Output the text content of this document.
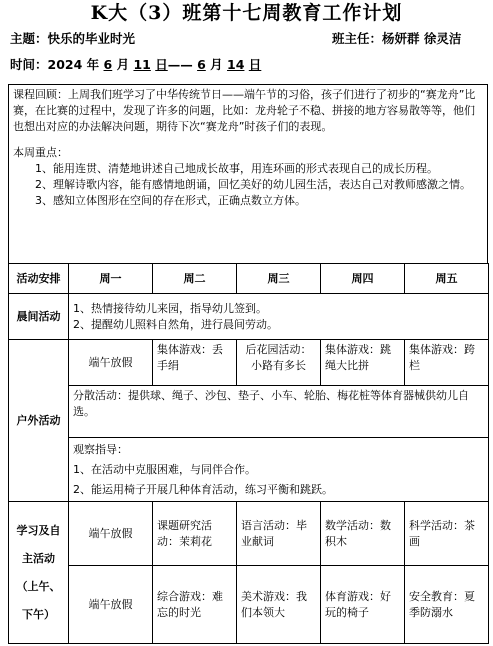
K大（3）班第十七周教育工作计划
主题：快乐的毕业时光	班主任：杨妍群 徐灵洁
时间：2024 年 6 月 11 日—— 6 月 14 日

课程回顾：上周我们班学习了中华传统节日——端午节的习俗，孩子们进行了初步的“赛龙舟”比赛，在比赛的过程中，发现了许多的问题，比如：龙舟轮子不稳、拼接的地方容易散等等，他们也想出对应的办法解决问题，期待下次“赛龙舟”时孩子们的表现。

本周重点：

1、能用连贯、清楚地讲述自己地成长故事，用连环画的形式表现自己的成长历程。

2、理解诗歌内容，能有感情地朗诵，回忆美好的幼儿园生活，表达自己对教师感激之情。

3、感知立体图形在空间的存在形式，正确点数立方体。

活动安排	周一	周二	周三	周四	周五
晨间活动	1、热情接待幼儿来园，指导幼儿签到。
2、提醒幼儿照料自然角，进行晨间劳动。				

户外活动	端午放假	集体游戏：丢手绢	后花园活动：小路有多长	集体游戏：跳绳大比拼	集体游戏：跨栏
	分散活动：提供球、绳子、沙包、垫子、小车、轮胎、梅花桩等体育器械供幼儿自选。				

	观察指导：
1、在活动中克服困难，与同伴合作。
2、能运用椅子开展几种体育活动，练习平衡和跳跃。				

学习及自
主活动
（上午、
下午）	端午放假	课题研究活动：茉莉花	语言活动：毕业献词	数学活动：数积木	科学活动：茶画
	端午放假	综合游戏：难忘的时光	美术游戏：我们本领大	体育游戏：好玩的椅子	安全教育：夏季防溺水
